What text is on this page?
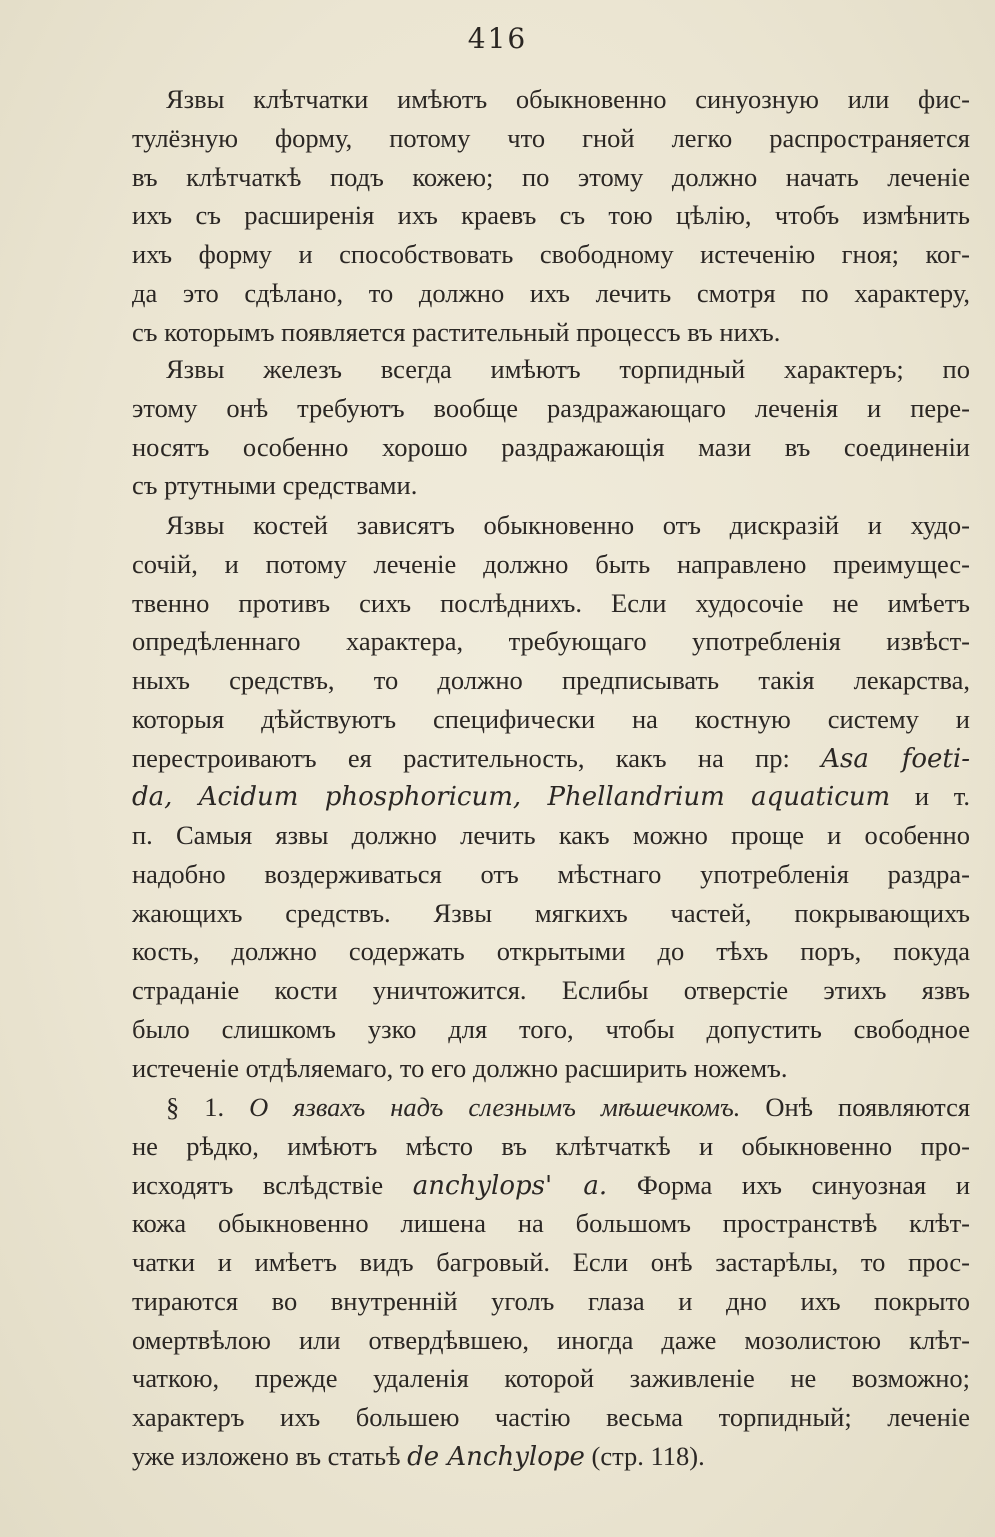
416
Язвы клѣтчатки имѣютъ обыкновенно синуозную или фис-
тулёзную форму, потому что гной легко распространяется
въ клѣтчаткѣ подъ кожею; по этому должно начать леченіе
ихъ съ расширенія ихъ краевъ съ тою цѣлію, чтобъ измѣнить
ихъ форму и способствовать свободному истеченію гноя; ког-
да это сдѣлано, то должно ихъ лечить смотря по характеру,
съ которымъ появляется растительный процессъ въ нихъ.
Язвы железъ всегда имѣютъ торпидный характеръ; по
этому онѣ требуютъ вообще раздражающаго леченія и пере-
носятъ особенно хорошо раздражающія мази въ соединеніи
съ ртутными средствами.
Язвы костей зависятъ обыкновенно отъ дискразій и худо-
сочій, и потому леченіе должно быть направлено преимущес-
твенно противъ сихъ послѣднихъ. Если худосочіе не имѣетъ
опредѣленнаго характера, требующаго употребленія извѣст-
ныхъ средствъ, то должно предписывать такія лекарства,
которыя дѣйствуютъ специфически на костную систему и
перестроиваютъ ея растительность, какъ на пр: Asa foeti-
da, Acidum phosphoricum, Phellandrium aquaticum и т.
п. Самыя язвы должно лечить какъ можно проще и особенно
надобно воздерживаться отъ мѣстнаго употребленія раздра-
жающихъ средствъ. Язвы мягкихъ частей, покрывающихъ
кость, должно содержать открытыми до тѣхъ поръ, покуда
страданіе кости уничтожится. Еслибы отверстіе этихъ язвъ
было слишкомъ узко для того, чтобы допустить свободное
истеченіе отдѣляемаго, то его должно расширить ножемъ.
§ 1. О язвахъ надъ слезнымъ мѣшечкомъ. Онѣ появляются
не рѣдко, имѣютъ мѣсто въ клѣтчаткѣ и обыкновенно про-
исходятъ вслѣдствіе anchylops' a. Форма ихъ синуозная и
кожа обыкновенно лишена на большомъ пространствѣ клѣт-
чатки и имѣетъ видъ багровый. Если онѣ застарѣлы, то прос-
тираются во внутренній уголъ глаза и дно ихъ покрыто
омертвѣлою или отвердѣвшею, иногда даже мозолистою клѣт-
чаткою, прежде удаленія которой заживленіе не возможно;
характеръ ихъ большею частію весьма торпидный; леченіе
уже изложено въ статьѣ de Anchylope (стр. 118).
